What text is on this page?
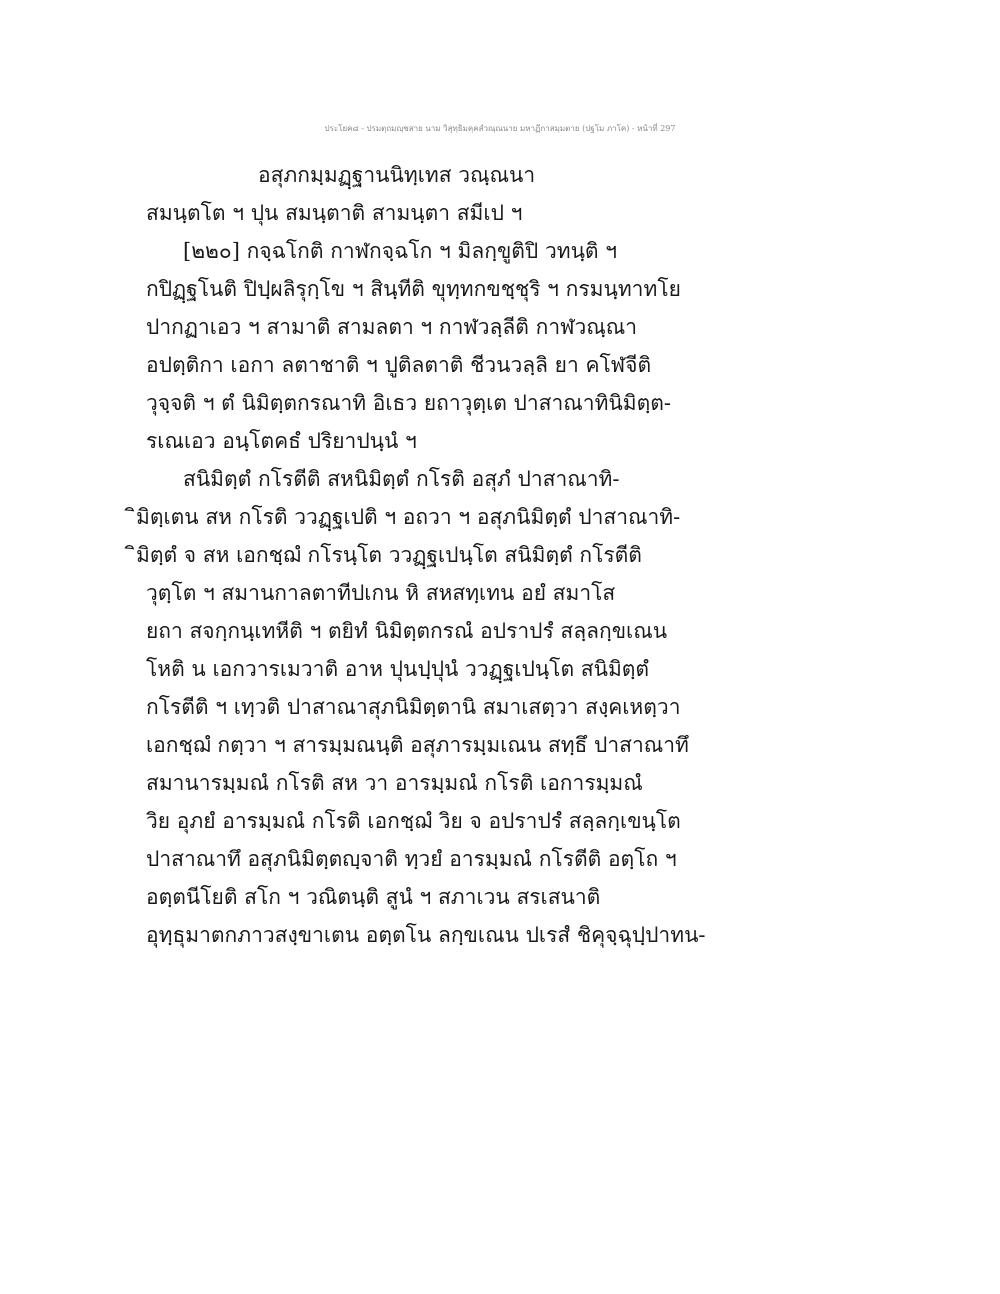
ประโยค๘ - ปรมตฺถมญฺชสาย นาม วิสุทฺธิมคฺคสํวณฺณนาย มหาฏีกาสมฺมตาย (ปฐโม ภาโค) - หน้าที่ 297
อสุภกมฺมฏฺฐานนิทฺเทส วณฺณนา
สมนฺตโต ฯ ปุน สมนฺตาติ สามนฺตา สมีเป ฯ
[๒๒๐] กจฺฉโกติ กาฬกจฺฉโก ฯ มิลกฺขูติปิ วทนฺติ ฯ
กปิฏฺฐโนติ ปิปฺผลิรุกฺโข ฯ สินฺทีติ ขุทฺทกขชฺชุริ ฯ กรมนฺทาทโย
ปากฏาเอว ฯ สามาติ สามลตา ฯ กาฬวลฺลีติ กาฬวณฺณา
อปตฺติกา เอกา ลตาชาติ ฯ ปูติลตาติ ชีวนวลฺลิ ยา คโฬจีติ
วุจฺจติ ฯ ตํ นิมิตฺตกรณาทิ อิเธว ยถาวุตฺเต ปาสาณาทินิมิตฺต-
รเณเอว อนฺโตคธํ ปริยาปนฺนํ ฯ
สนิมิตฺตํ กโรตีติ สหนิมิตฺตํ กโรติ อสุภํ ปาสาณาทิ-
ิมิตฺเตน สห กโรติ ววฏฺฐเปติ ฯ อถวา ฯ อสุภนิมิตฺตํ ปาสาณาทิ-
ิมิตฺตํ จ สห เอกชฺฌํ กโรนฺโต ววฏฺฐเปนฺโต สนิมิตฺตํ กโรตีติ
วุตฺโต ฯ สมานกาลตาทีปเกน หิ สหสทฺเทน อยํ สมาโส
ยถา สจกฺกนฺเทหีติ ฯ ตยิทํ นิมิตฺตกรณํ อปราปรํ สลฺลกฺขเณน
โหติ น เอกวารเมวาติ อาห ปุนปฺปุนํ ววฏฺฐเปนฺโต สนิมิตฺตํ
กโรตีติ ฯ เทฺวติ ปาสาณาสุภนิมิตฺตานิ สมาเสตฺวา สงฺคเหตฺวา
เอกชฺฌํ กตฺวา ฯ สารมฺมณนฺติ อสุภารมฺมเณน สทฺธึ ปาสาณาทึ
สมานารมฺมณํ กโรติ สห วา อารมฺมณํ กโรติ เอการมฺมณํ
วิย อุภยํ อารมฺมณํ กโรติ เอกชฺฌํ วิย จ อปราปรํ สลฺลกฺเขนฺโต
ปาสาณาทึ อสุภนิมิตฺตญฺจาติ ทฺวยํ อารมฺมณํ กโรตีติ อตฺโถ ฯ
อตฺตนีโยติ สโก ฯ วณิตนฺติ สูนํ ฯ สภาเวน สรเสนาติ
อุทฺธุมาตกภาวสงฺขาเตน อตฺตโน ลกฺขเณน ปเรสํ ชิคุจฺฉุปฺปาทน-
